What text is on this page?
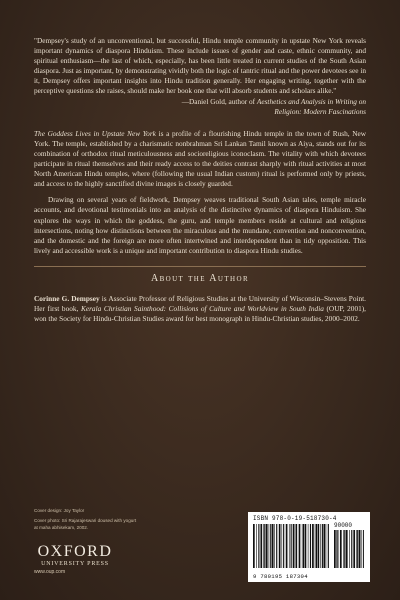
"Dempsey's study of an unconventional, but successful, Hindu temple community in upstate New York reveals important dynamics of diaspora Hinduism. These include issues of gender and caste, ethnic community, and spiritual enthusiasm—the last of which, especially, has been little treated in current studies of the South Asian diaspora. Just as important, by demonstrating vividly both the logic of tantric ritual and the power devotees see in it, Dempsey offers important insights into Hindu tradition generally. Her engaging writing, together with the perceptive questions she raises, should make her book one that will absorb students and scholars alike."

—Daniel Gold, author of Aesthetics and Analysis in Writing on Religion: Modern Fascinations

The Goddess Lives in Upstate New York is a profile of a flourishing Hindu temple in the town of Rush, New York. The temple, established by a charismatic nonbrahman Sri Lankan Tamil known as Aiya, stands out for its combination of orthodox ritual meticulousness and socioreligious iconoclasm. The vitality with which devotees participate in ritual themselves and their ready access to the deities contrast sharply with ritual activities at most North American Hindu temples, where (following the usual Indian custom) ritual is performed only by priests, and access to the highly sanctified divine images is closely guarded.

Drawing on several years of fieldwork, Dempsey weaves traditional South Asian tales, temple miracle accounts, and devotional testimonials into an analysis of the distinctive dynamics of diaspora Hinduism. She explores the ways in which the goddess, the guru, and temple members reside at cultural and religious intersections, noting how distinctions between the miraculous and the mundane, convention and nonconvention, and the domestic and the foreign are more often intertwined and interdependent than in tidy opposition. This lively and accessible work is a unique and important contribution to diaspora Hindu studies.

About the Author

Corinne G. Dempsey is Associate Professor of Religious Studies at the University of Wisconsin–Stevens Point. Her first book, Kerala Christian Sainthood: Collisions of Culture and Worldview in South India (OUP, 2001), won the Society for Hindu-Christian Studies award for best monograph in Hindu-Christian studies, 2000–2002.

Cover design: Joy Taylor
Cover photo: Sri Rajarajeswari doused with yogurt
at maha abhisekam, 2002.
OXFORD
UNIVERSITY PRESS
www.oup.com
ISBN 978-0-19-518730-4
90000
9 780195 187304
